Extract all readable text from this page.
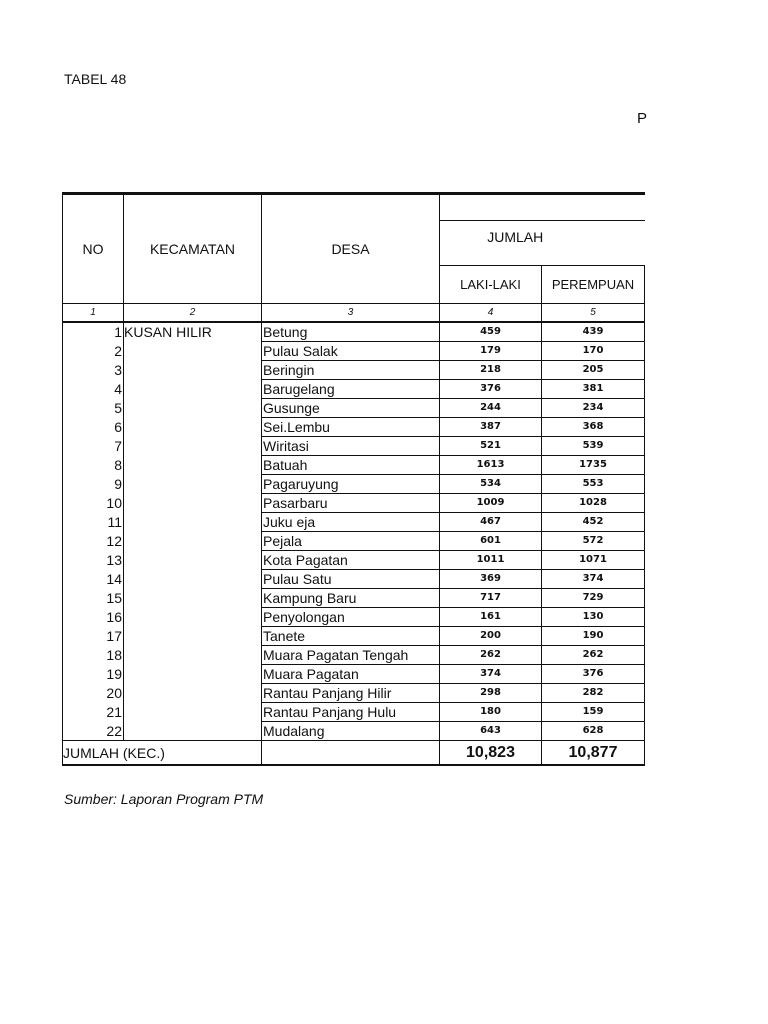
TABEL 48
P
NO	KECAMATAN	DESA			
			JUMLAH		
			LAKI-LAKI	PEREMPUAN	
1	2	3	4	5	
1	KUSAN HILIR	Betung	459	439	
2		Pulau Salak	179	170	
3		Beringin	218	205	
4		Barugelang	376	381	
5		Gusunge	244	234	
6		Sei.Lembu	387	368	
7		Wiritasi	521	539	
8		Batuah	1613	1735	
9		Pagaruyung	534	553	
10		Pasarbaru	1009	1028	
11		Juku eja	467	452	
12		Pejala	601	572	
13		Kota Pagatan	1011	1071	
14		Pulau Satu	369	374	
15		Kampung Baru	717	729	
16		Penyolongan	161	130	
17		Tanete	200	190	
18		Muara Pagatan Tengah	262	262	
19		Muara Pagatan	374	376	
20		Rantau Panjang Hilir	298	282	
21		Rantau Panjang Hulu	180	159	
22		Mudalang	643	628	
JUMLAH (KEC.)			10,823	10,877	
Sumber: Laporan Program PTM
